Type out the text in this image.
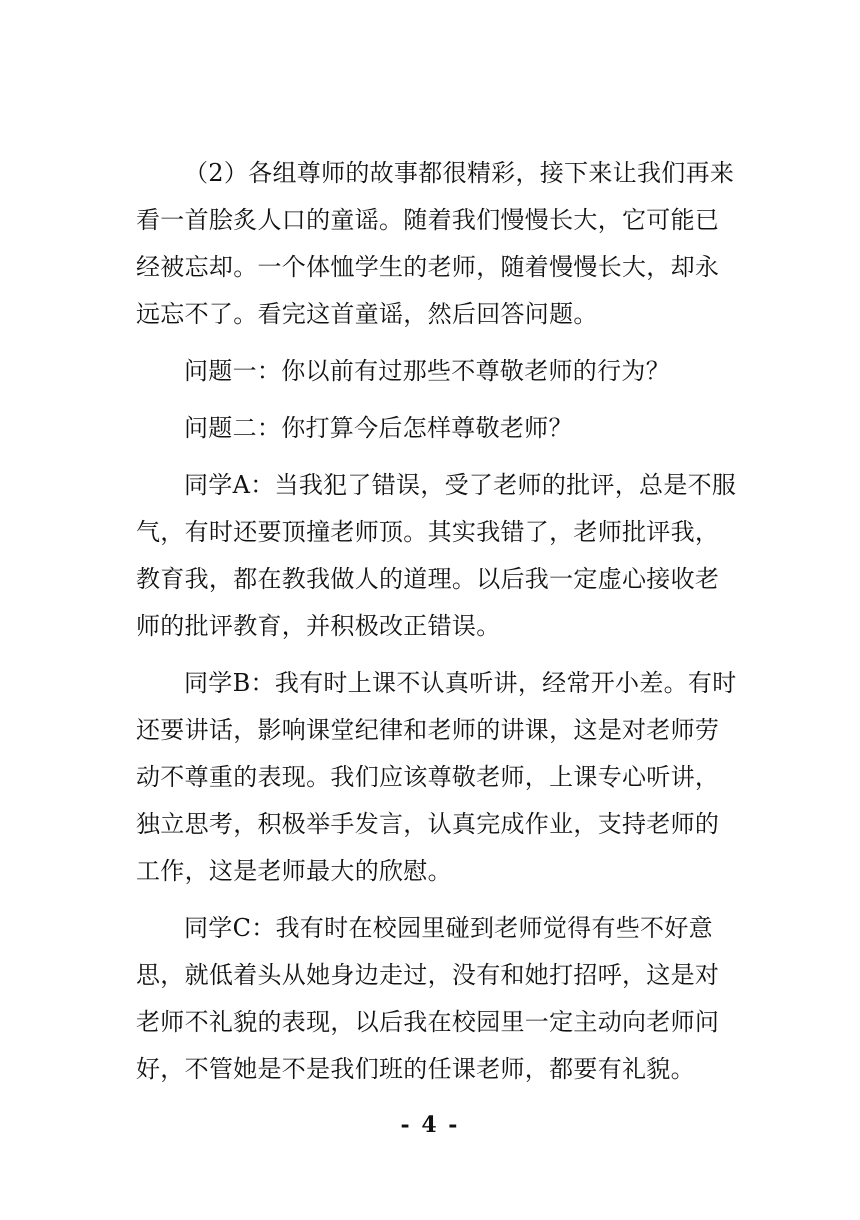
（2）各组尊师的故事都很精彩，接下来让我们再来
看一首脍炙人口的童谣。随着我们慢慢长大，它可能已
经被忘却。一个体恤学生的老师，随着慢慢长大，却永
远忘不了。看完这首童谣，然后回答问题。

问题一：你以前有过那些不尊敬老师的行为？

问题二：你打算今后怎样尊敬老师？

同学A：当我犯了错误，受了老师的批评，总是不服
气，有时还要顶撞老师顶。其实我错了，老师批评我，
教育我，都在教我做人的道理。以后我一定虚心接收老
师的批评教育，并积极改正错误。

同学B：我有时上课不认真听讲，经常开小差。有时
还要讲话，影响课堂纪律和老师的讲课，这是对老师劳
动不尊重的表现。我们应该尊敬老师，上课专心听讲，
独立思考，积极举手发言，认真完成作业，支持老师的
工作，这是老师最大的欣慰。

同学C：我有时在校园里碰到老师觉得有些不好意
思，就低着头从她身边走过，没有和她打招呼，这是对
老师不礼貌的表现，以后我在校园里一定主动向老师问
好，不管她是不是我们班的任课老师，都要有礼貌。

- 4 -
